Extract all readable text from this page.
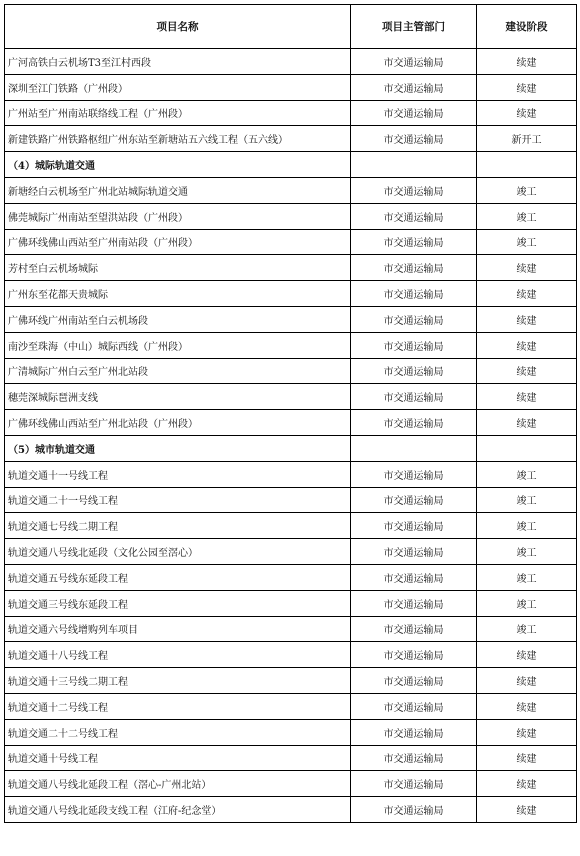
项目名称	项目主管部门	建设阶段
广河高铁白云机场T3至江村西段	市交通运输局	续建
深圳至江门铁路（广州段）	市交通运输局	续建
广州站至广州南站联络线工程（广州段）	市交通运输局	续建
新建铁路广州铁路枢纽广州东站至新塘站五六线工程（五六线）	市交通运输局	新开工
（4）城际轨道交通		
新塘经白云机场至广州北站城际轨道交通	市交通运输局	竣工
佛莞城际广州南站至望洪站段（广州段）	市交通运输局	竣工
广佛环线佛山西站至广州南站段（广州段）	市交通运输局	竣工
芳村至白云机场城际	市交通运输局	续建
广州东至花都天贵城际	市交通运输局	续建
广佛环线广州南站至白云机场段	市交通运输局	续建
南沙至珠海（中山）城际西线（广州段）	市交通运输局	续建
广清城际广州白云至广州北站段	市交通运输局	续建
穗莞深城际琶洲支线	市交通运输局	续建
广佛环线佛山西站至广州北站段（广州段）	市交通运输局	续建
（5）城市轨道交通		
轨道交通十一号线工程	市交通运输局	竣工
轨道交通二十一号线工程	市交通运输局	竣工
轨道交通七号线二期工程	市交通运输局	竣工
轨道交通八号线北延段（文化公园至滘心）	市交通运输局	竣工
轨道交通五号线东延段工程	市交通运输局	竣工
轨道交通三号线东延段工程	市交通运输局	竣工
轨道交通六号线增购列车项目	市交通运输局	竣工
轨道交通十八号线工程	市交通运输局	续建
轨道交通十三号线二期工程	市交通运输局	续建
轨道交通十二号线工程	市交通运输局	续建
轨道交通二十二号线工程	市交通运输局	续建
轨道交通十号线工程	市交通运输局	续建
轨道交通八号线北延段工程（滘心-广州北站）	市交通运输局	续建
轨道交通八号线北延段支线工程（江府-纪念堂）	市交通运输局	续建
